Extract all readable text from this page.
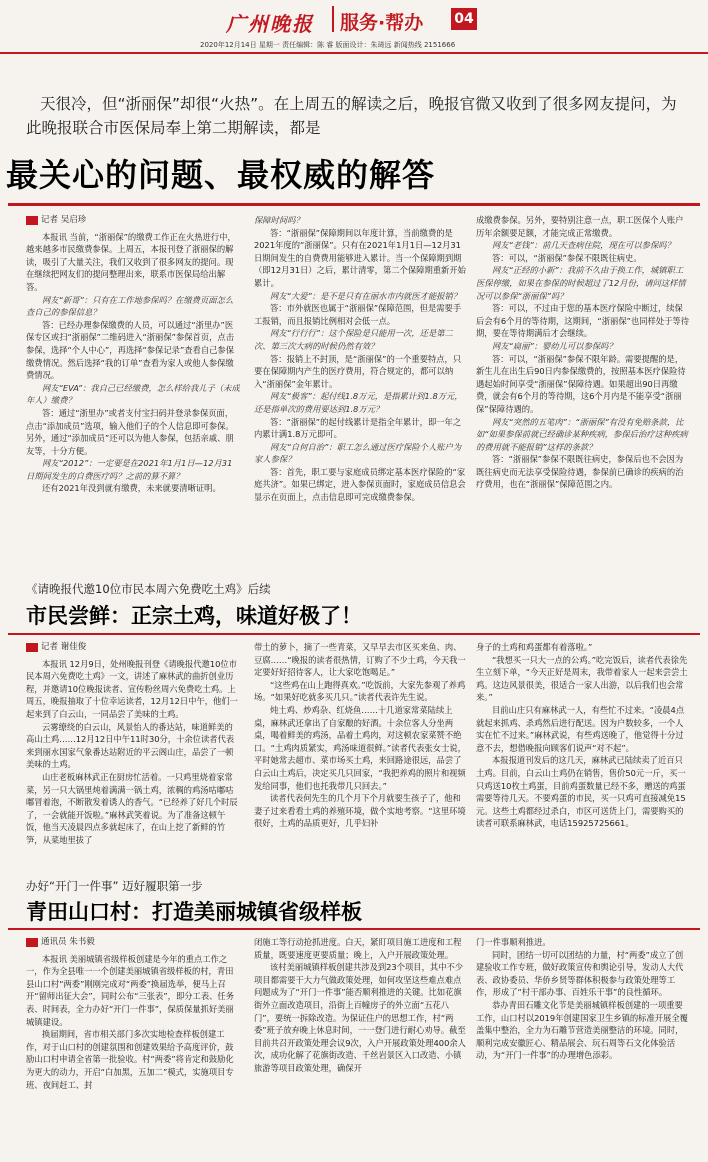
广州晚报 服务·帮办 04
2020年12月14日 星期一 责任编辑：陈 睿 版面设计：朱琦远 新闻热线 2151666
天很冷，但“浙丽保”却很“火热”。在上周五的解读之后，晚报官微又收到了很多网友提问，为此晚报联合市医保局奉上第二期解读，都是
最关心的问题、最权威的解答
记者 吴启珍

本报讯 当前，“浙丽保”的缴费工作正在火热进行中，越来越多市民缴费参保。上周五，本报刊登了浙丽保的解读，吸引了大量关注，我们又收到了很多网友的提问。现在继续把网友们的提问整理出来，联系市医保局给出解答。

网友“新哥”：只有在工作地参保吗？在缴费页面怎么查自己的参保信息？

答：已经办理参保缴费的人员，可以通过“浙里办”医保专区或扫“浙丽保”二维码进入“浙丽保”参保首页，点击参保，选择“个人中心”，再选择“参保记录”查看自己参保缴费情况。然后选择“我的订单”查看为家人或他人参保缴费情况。

网友“EVA”：我自己已经缴费，怎么样给我儿子（未成年人）缴费？

答：通过“浙里办”或者支付宝扫码并登录参保页面，点击“添加成员”选项，输入他们子的个人信息即可参保。另外，通过“添加成员”还可以为他人参保，包括亲戚、朋友等，十分方便。

网友“2012”：一定要是在2021年1月1日—12月31日期间发生的自费医疗吗？之前的算不算？

还有2021年没到就有缴费，未来就要清晰证明。

保障时间吗？

答：“浙丽保”保障期间以年度计算，当前缴费的是2021年度的“浙丽保”。只有在2021年1月1日—12月31日期间发生的自费费用能够进入累计。当一个保障期到期（即12月31日）之后，累计清零，第二个保障期重新开始累计。

网友“大爱”：是不是只有在丽水市内就医才能报销？

答：市外就医也属于“浙丽保”保障范围，但是需要手工报销，而且报销比例相对会低一点。

网友“行行行”：这个保险是只能用一次，还是第二次、第三次大病的时候仍然有效？

答：报销上不封顶，是“浙丽保”的一个重要特点，只要在保障期内产生的医疗费用，符合规定的，都可以纳入“浙丽保”金年累计。

网友“极客”：起付线1.8万元，是指累计到1.8万元，还是指单次的费用要达到1.8万元？

答：“浙丽保”的起付线累计是指全年累计，即一年之内累计满1.8万元即可。

网友“自何自治”：职工怎么通过医疗保险个人账户为家人参保？

答：首先，职工要与家庭成员绑定基本医疗保险的“家庭共济”。如果已绑定，进入参保页面时，家庭成员信息会显示在页面上，点击信息即可完成缴费参保。

成缴费参保。另外，要特别注意一点，职工医保个人账户历年余额要足额，才能完成正常缴费。

网友“老钱”：前几天查病住院，现在可以参保吗？

答：可以，“浙丽保”参保不限既往病史。

网友“正经的小新”：我前不久由于换工作，城镇职工医保停缴，如果在参保的时候超过了12月份，请问这样情况可以参保“浙丽保”吗？

答：可以，不过由于您的基本医疗保险中断过，续保后会有6个月的等待期，这期间，“浙丽保”也同样处于等待期，要在等待期满后才会继续。

网友“扁丽”：婴幼儿可以参保吗？

答：可以，“浙丽保”参保不限年龄。需要提醒的是，新生儿在出生后90日内参保缴费的，按照基本医疗保险待遇起始时间享受“浙丽保”保障待遇。如果超出90日再缴费，就会有6个月的等待期，这6个月内是不能享受“浙丽保”保障待遇的。

网友“突然的五笔肉”：“浙丽保”有没有免赔条款，比如“如果参保前就已经确诊某种疾病，参保后治疗这种疾病的费用就不能报销”这样的条款？

答：“浙丽保”参保不限既往病史，参保后也不会因为既往病史而无法享受保险待遇，参保前已确诊的疾病的治疗费用，也在“浙丽保”保障范围之内。

《请晚报代邀10位市民本周六免费吃土鸡》后续
市民尝鲜：正宗土鸡，味道好极了！
记者 谢佳俊

本报讯 12月9日，处州晚报刊登《请晚报代邀10位市民本周六免费吃土鸡》一文，讲述了麻林武的曲折创业历程，并邀请10位晚报读者、宣传粉丝周六免费吃土鸡。上周五，晚报抽取了十位幸运读者，12月12日中午，他们一起来到了白云山，一同品尝了美味的土鸡。

云雾缭绕的白云山，风景怡人的番达站，味道鲜美的高山土鸡……12月12日中午11时30分，十余位读者代表来到丽水国家气象番达站附近的平云阁山庄，品尝了一顿美味的土鸡。

山庄老板麻林武正在厨房忙活着。一只鸡里烧着家常菜，另一只大锅里炖着满满一锅土鸡，浓稠的鸡汤咕嘟咕嘟冒着泡，不断散发着诱人的香气。“已经养了好几个时辰了，一会就能开饭啦。”麻林武笑着说。为了准备这顿午饭，他当天凌晨四点多就起床了，在山上挖了新鲜的竹笋，从菜地里拔了

带土的萝卜，摘了一些青菜，又早早去市区买来鱼、肉、豆腐……“晚报的读者很热情，订购了不少土鸡，今天我一定要好好招待客人，让大家吃饱喝足。”

“这些鸡在山上跑得真欢。”吃饭前，大家先参观了养鸡场。“如果好吃就多买几只。”读者代表许先生说。

炖土鸡、炒鸡杂、红烧鱼……十几道家常菜陆续上桌，麻林武还拿出了自家酿的好酒。十余位客人分坐两桌，喝着鲜美的鸡汤，品着土鸡肉，对这顿农家菜赞不绝口。“土鸡肉质紧实，鸡汤味道很鲜。”读者代表张女士说，平时她常去超市、菜市场买土鸡，来回路途很远，品尝了白云山土鸡后，决定买几只回家，“我把养鸡的照片和视频发给同事，他们也托我带几只回去。”

读者代表何先生的几个月下个月就要生孩子了，他和妻子过来看看土鸡的养殖环境，做个实地考察。“这里环境很好，土鸡的品质更好，几乎妇补

身子的土鸡和鸡蛋都有着落啦。”

“我想买一只大一点的公鸡。”吃完饭后，读者代表徐先生立刻下单，“今天正好是周末，我带着家人一起来尝尝土鸡。这边风景很美，很适合一家人出游，以后我们也会常来。”

目前山庄只有麻林武一人，有些忙不过来。“凌晨4点就起来抓鸡、杀鸡然后进行配送。因为户数较多，一个人实在忙不过来。”麻林武说，有些鸡送晚了，他觉得十分过意不去，想借晚报向顾客们说声“对不起”。

本报报道刊发后的这几天，麻林武已陆续卖了近百只土鸡。目前，白云山土鸡仍在销售，售价50元一斤，买一只鸡送10枚土鸡蛋，目前鸡蛋数量已经不多，赠送的鸡蛋需要等待几天。不要鸡蛋的市民，买一只鸡可直接减免15元。这些土鸡都经过杀白，市区可送货上门，需要购买的读者可联系麻林武，电话15925725661。

办好“开门一件事” 迈好履职第一步
青田山口村：打造美丽城镇省级样板
通讯员 朱书毅

本报讯 美丽城镇省级样板创建是今年的重点工作之一，作为全县唯一一个创建美丽城镇省级样板的村，青田县山口村“两委”刚刚完成对“两委”换届选举，便马上召开“留师出征大会”，同时公布“三张表”，即分工表、任务表、时间表，全力办好“开门一件事”，保质保量抓好美丽城镇建设。

换届期间，省市相关部门多次实地检查样板创建工作，对于山口村的创建氛围和创建效果给予高度评价，鼓励山口村申请全省第一批验收。村“两委”将肯定和鼓励化为更大的动力，开启“白加黑，五加二”模式，实施项目专班、夜间赶工、封

闭施工等行动抢抓进度。白天，紧盯项目施工进度和工程质量，既要速度更要质量；晚上，入户开展政策处理。

该村美丽城镇样板创建共涉及到23个项目，其中不少项目都需要干大力气做政策处理，如何攻坚这些难点难点问题成为了“开门一件事”能否顺利推进的关键。比如花旗街外立面改造项目，沿街上百幢房子的外立面“五花八门”，要统一拆除改造。为保证住户的思想工作，村“两委”班子放弃晚上休息时间，一一登门进行耐心劝导。截至目前共召开政策处理会议9次，入户开展政策处理400余人次，成功化解了花旗街改造、千丝岩景区入口改造、小镇旅游等项目政策处理，确保开

门一件事顺利推进。

同时，团结一切可以团结的力量，村“两委”成立了创建验收工作专班，做好政策宣传和舆论引导，发动人大代表、政协委员、华侨乡贤等群体积极参与政策处理等工作，形成了“村干部办事、百姓乐干事”的良性循环。

恭办青田石雕文化节是美丽城镇样板创建的一项重要工作，山口村以2019年创建国家卫生乡镇的标准开展全覆盖集中整治，全力为石雕节营造美丽整洁的环境。同时，顺利完成安徽匠心、精品展会、玩石周等石文化体验活动，为“开门一件事”的办理增色添彩。
